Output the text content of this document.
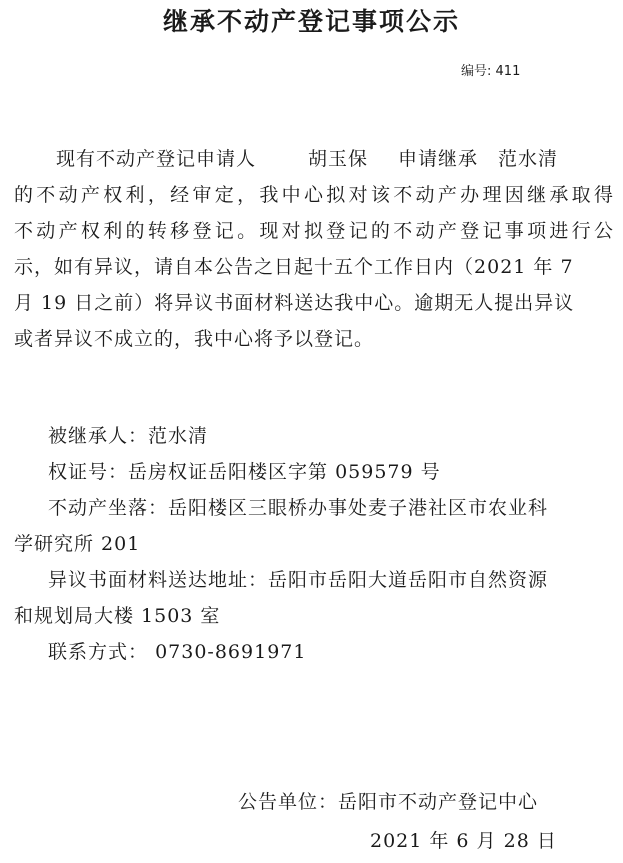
继承不动产登记事项公示
编号: 411
现有不动产登记申请人	胡玉保 申请继承 范水清
的不动产权利，经审定，我中心拟对该不动产办理因继承取得
不动产权利的转移登记。现对拟登记的不动产登记事项进行公
示，如有异议，请自本公告之日起十五个工作日内（2021 年 7
月 19 日之前）将异议书面材料送达我中心。逾期无人提出异议
或者异议不成立的，我中心将予以登记。
被继承人：范水清
权证号：岳房权证岳阳楼区字第 059579 号
不动产坐落：岳阳楼区三眼桥办事处麦子港社区市农业科
学研究所 201
异议书面材料送达地址：岳阳市岳阳大道岳阳市自然资源
和规划局大楼 1503 室
联系方式： 0730-8691971
公告单位：岳阳市不动产登记中心
2021 年 6 月 28 日
